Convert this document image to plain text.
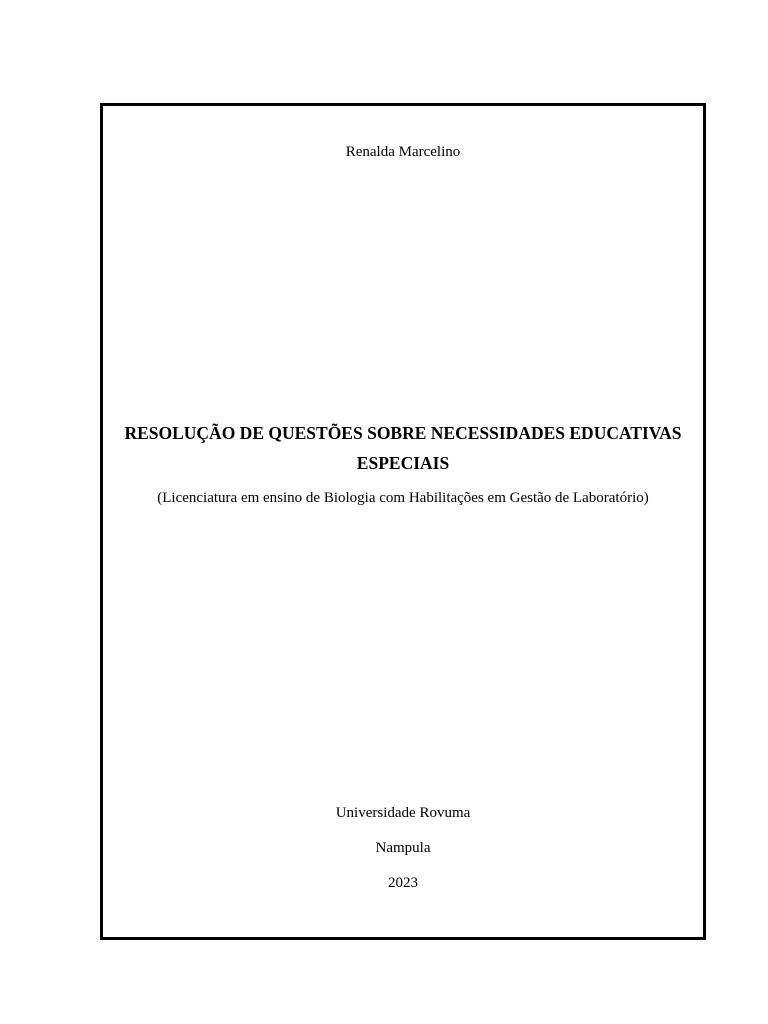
Renalda Marcelino
RESOLUÇÃO DE QUESTÕES SOBRE NECESSIDADES EDUCATIVAS
ESPECIAIS
(Licenciatura em ensino de Biologia com Habilitações em Gestão de Laboratório)
Universidade Rovuma
Nampula
2023
